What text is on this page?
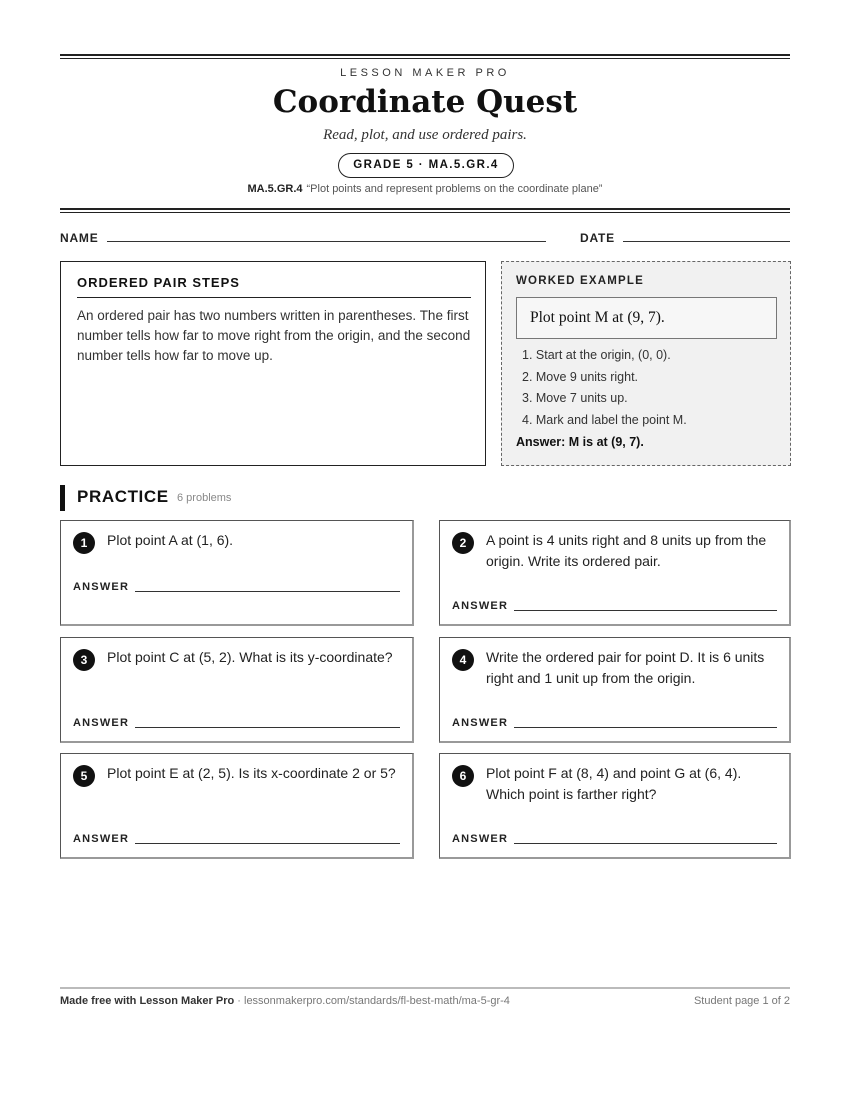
LESSON MAKER PRO
Coordinate Quest
Read, plot, and use ordered pairs.
GRADE 5 · MA.5.GR.4
MA.5.GR.4 “Plot points and represent problems on the coordinate plane”
NAME	DATE
ORDERED PAIR STEPS
An ordered pair has two numbers written in parentheses. The first number tells how far to move right from the origin, and the second number tells how far to move up.
WORKED EXAMPLE
Plot point M at (9, 7).
1. Start at the origin, (0, 0).
2. Move 9 units right.
3. Move 7 units up.
4. Mark and label the point M.
Answer: M is at (9, 7).
PRACTICE 6 problems
1	Plot point A at (1, 6).
ANSWER
2	A point is 4 units right and 8 units up from the origin. Write its ordered pair.
ANSWER
3	Plot point C at (5, 2). What is its y-coordinate?
ANSWER
4	Write the ordered pair for point D. It is 6 units right and 1 unit up from the origin.
ANSWER
5	Plot point E at (2, 5). Is its x-coordinate 2 or 5?
ANSWER
6	Plot point F at (8, 4) and point G at (6, 4). Which point is farther right?
ANSWER
Made free with Lesson Maker Pro · lessonmakerpro.com/standards/fl-best-math/ma-5-gr-4	Student page 1 of 2
